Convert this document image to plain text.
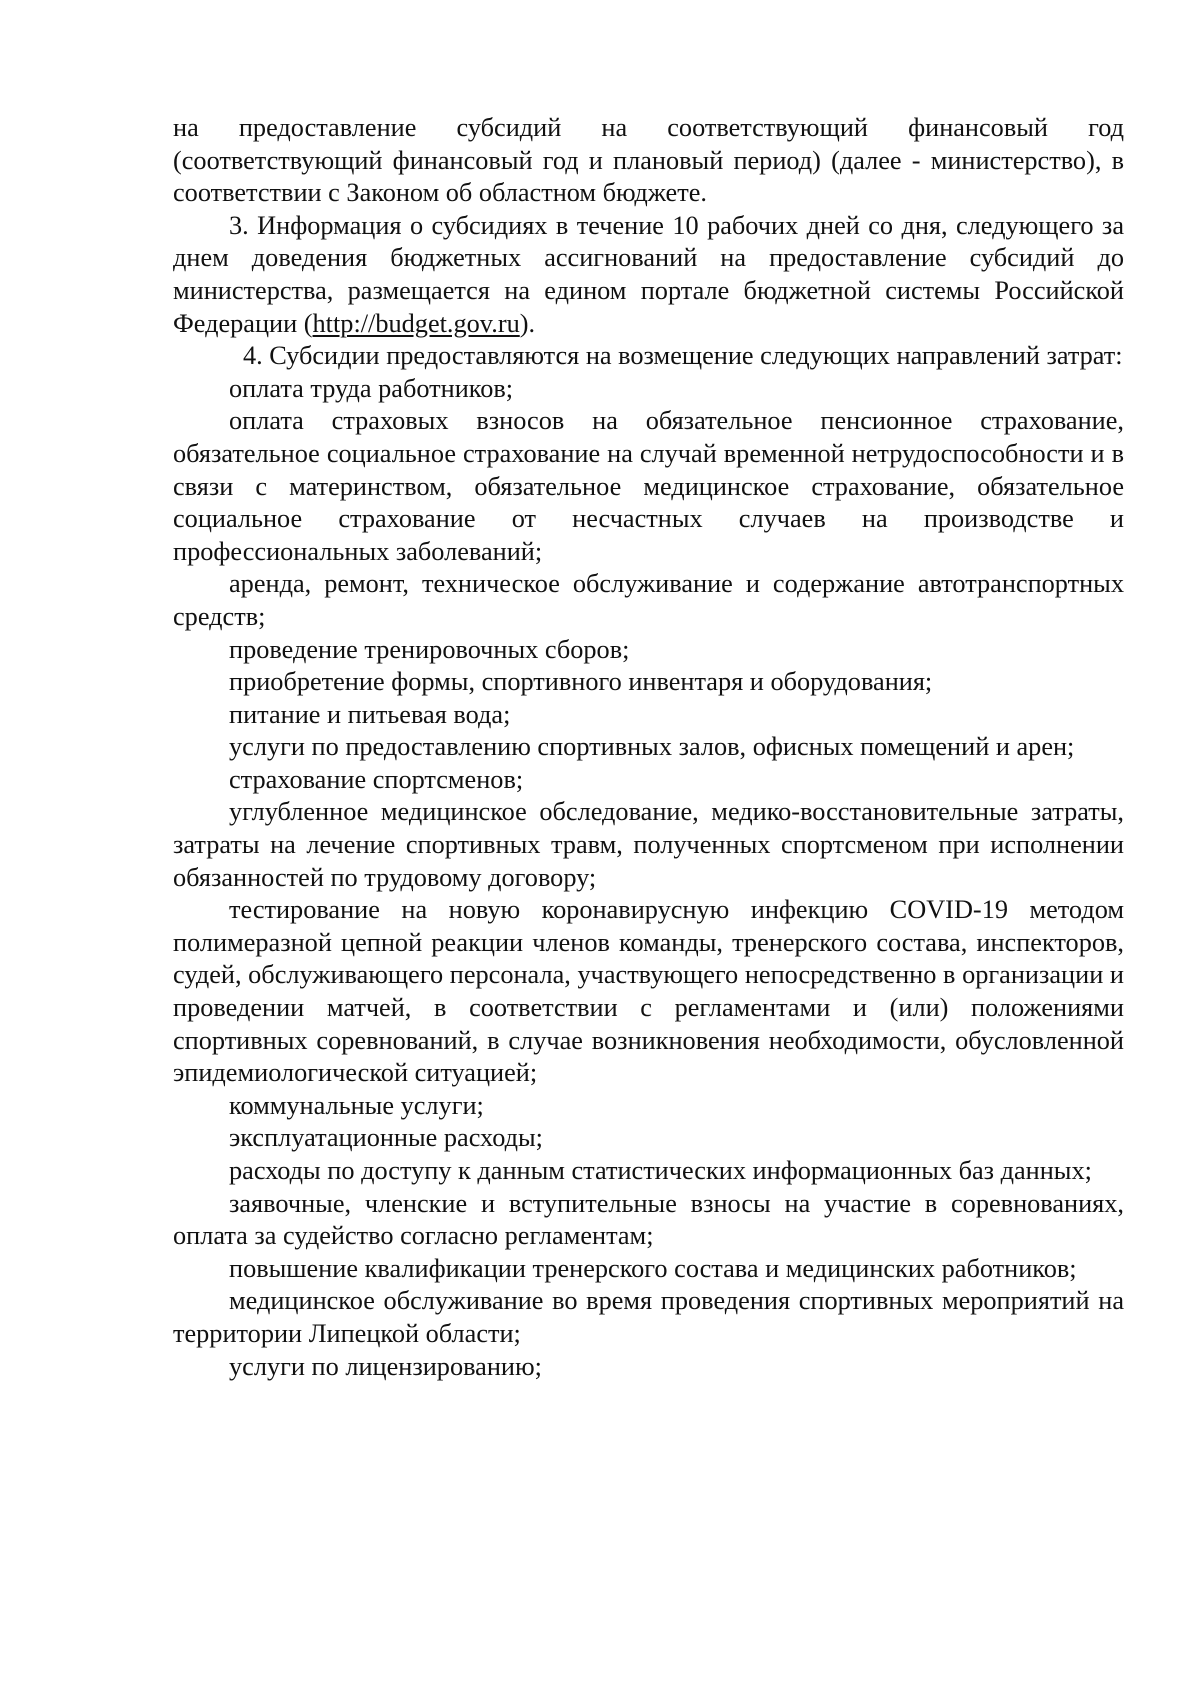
на предоставление субсидий на соответствующий финансовый год (соответствующий финансовый год и плановый период) (далее - министерство), в соответствии с Законом об областном бюджете.

3. Информация о субсидиях в течение 10 рабочих дней со дня, следующего за днем доведения бюджетных ассигнований на предоставление субсидий до министерства, размещается на едином портале бюджетной системы Российской Федерации (http://budget.gov.ru).

4. Субсидии предоставляются на возмещение следующих направлений затрат:

оплата труда работников;

оплата страховых взносов на обязательное пенсионное страхование, обязательное социальное страхование на случай временной нетрудоспособности и в связи с материнством, обязательное медицинское страхование, обязательное социальное страхование от несчастных случаев на производстве и профессиональных заболеваний;

аренда, ремонт, техническое обслуживание и содержание автотранспортных средств;

проведение тренировочных сборов;

приобретение формы, спортивного инвентаря и оборудования;

питание и питьевая вода;

услуги по предоставлению спортивных залов, офисных помещений и арен;

страхование спортсменов;

углубленное медицинское обследование, медико-восстановительные затраты, затраты на лечение спортивных травм, полученных спортсменом при исполнении обязанностей по трудовому договору;

тестирование на новую коронавирусную инфекцию COVID-19 методом полимеразной цепной реакции членов команды, тренерского состава, инспекторов, судей, обслуживающего персонала, участвующего непосредственно в организации и проведении матчей, в соответствии с регламентами и (или) положениями спортивных соревнований, в случае возникновения необходимости, обусловленной эпидемиологической ситуацией;

коммунальные услуги;

эксплуатационные расходы;

расходы по доступу к данным статистических информационных баз данных;

заявочные, членские и вступительные взносы на участие в соревнованиях, оплата за судейство согласно регламентам;

повышение квалификации тренерского состава и медицинских работников;

медицинское обслуживание во время проведения спортивных мероприятий на территории Липецкой области;

услуги по лицензированию;
